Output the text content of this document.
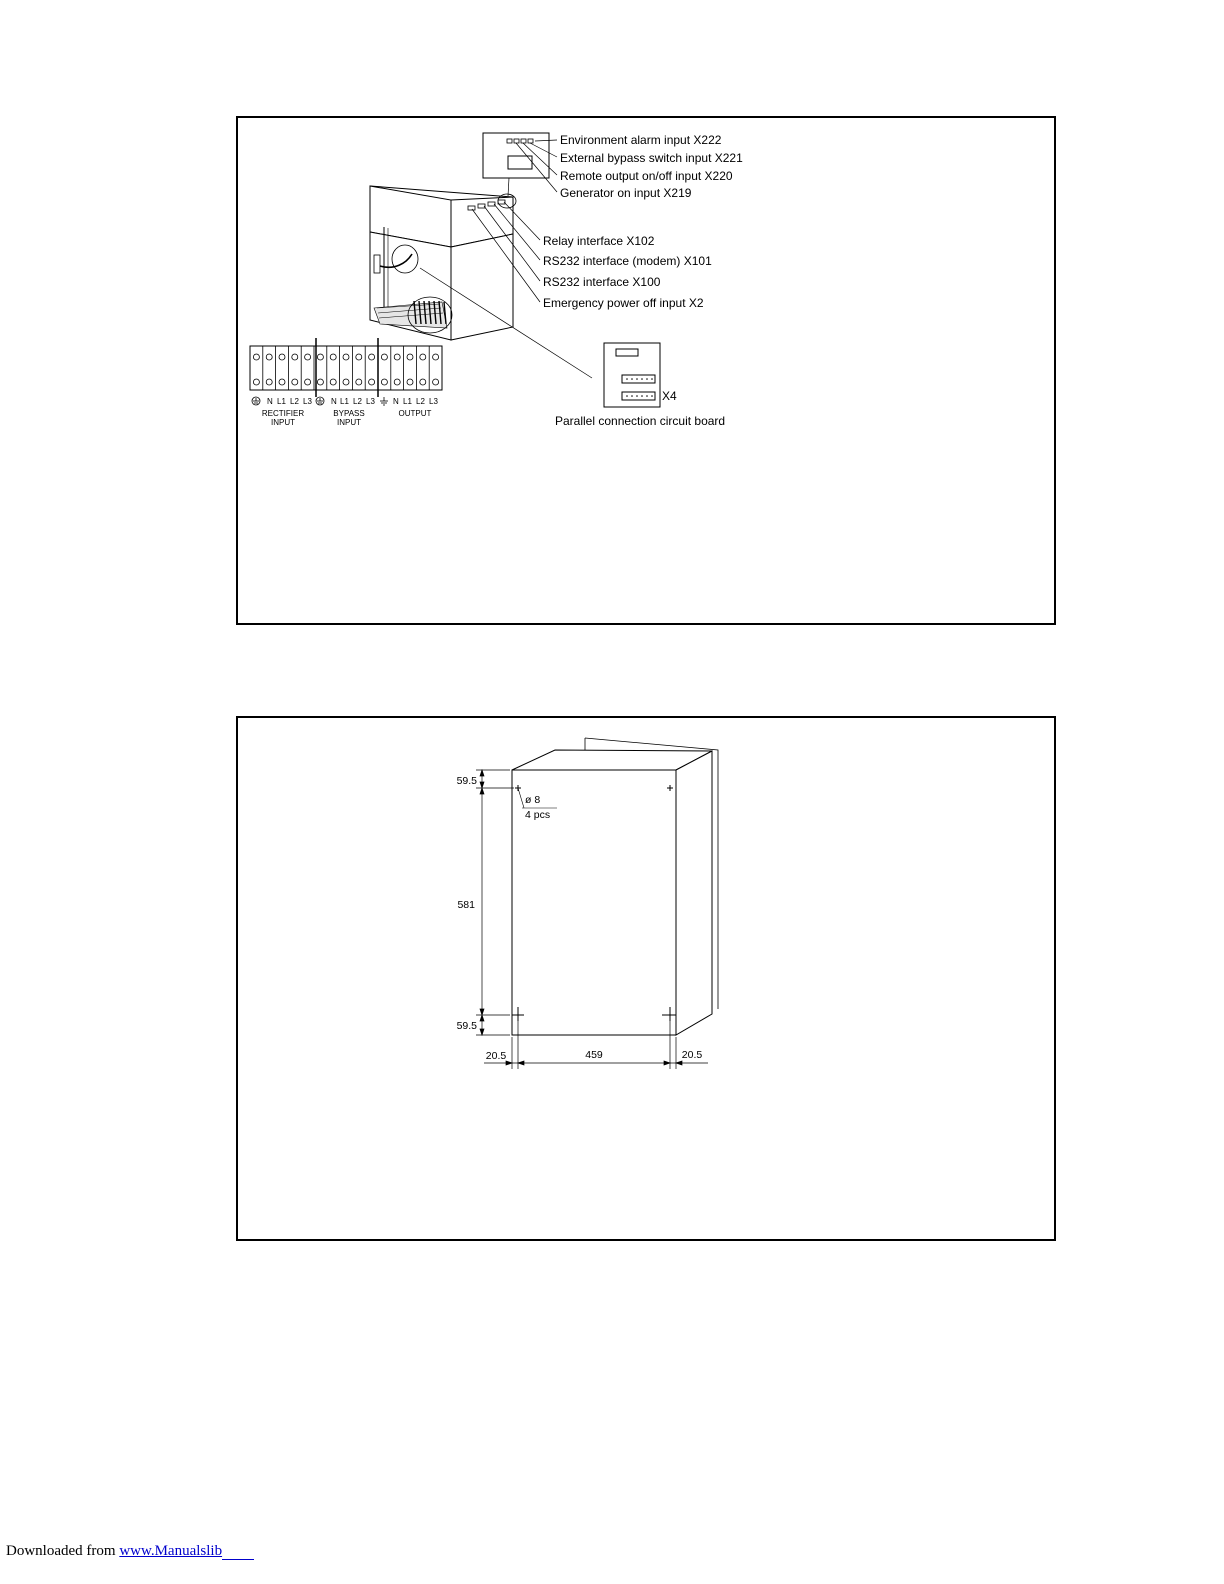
Environment alarm input X222
External bypass switch input X221
Remote output on/off input X220
Generator on input X219
Relay interface X102
RS232 interface (modem) X101
RS232 interface X100
Emergency power off input X2
X4
Parallel connection circuit board
N L1 L2 L3 N L1 L2 L3 N L1 L2 L3
RECTIFIER
INPUT
BYPASS
INPUT
OUTPUT
ø 8
4 pcs
59.5
581
59.5
20.5	459	20.5
Downloaded from www.Manualslib
